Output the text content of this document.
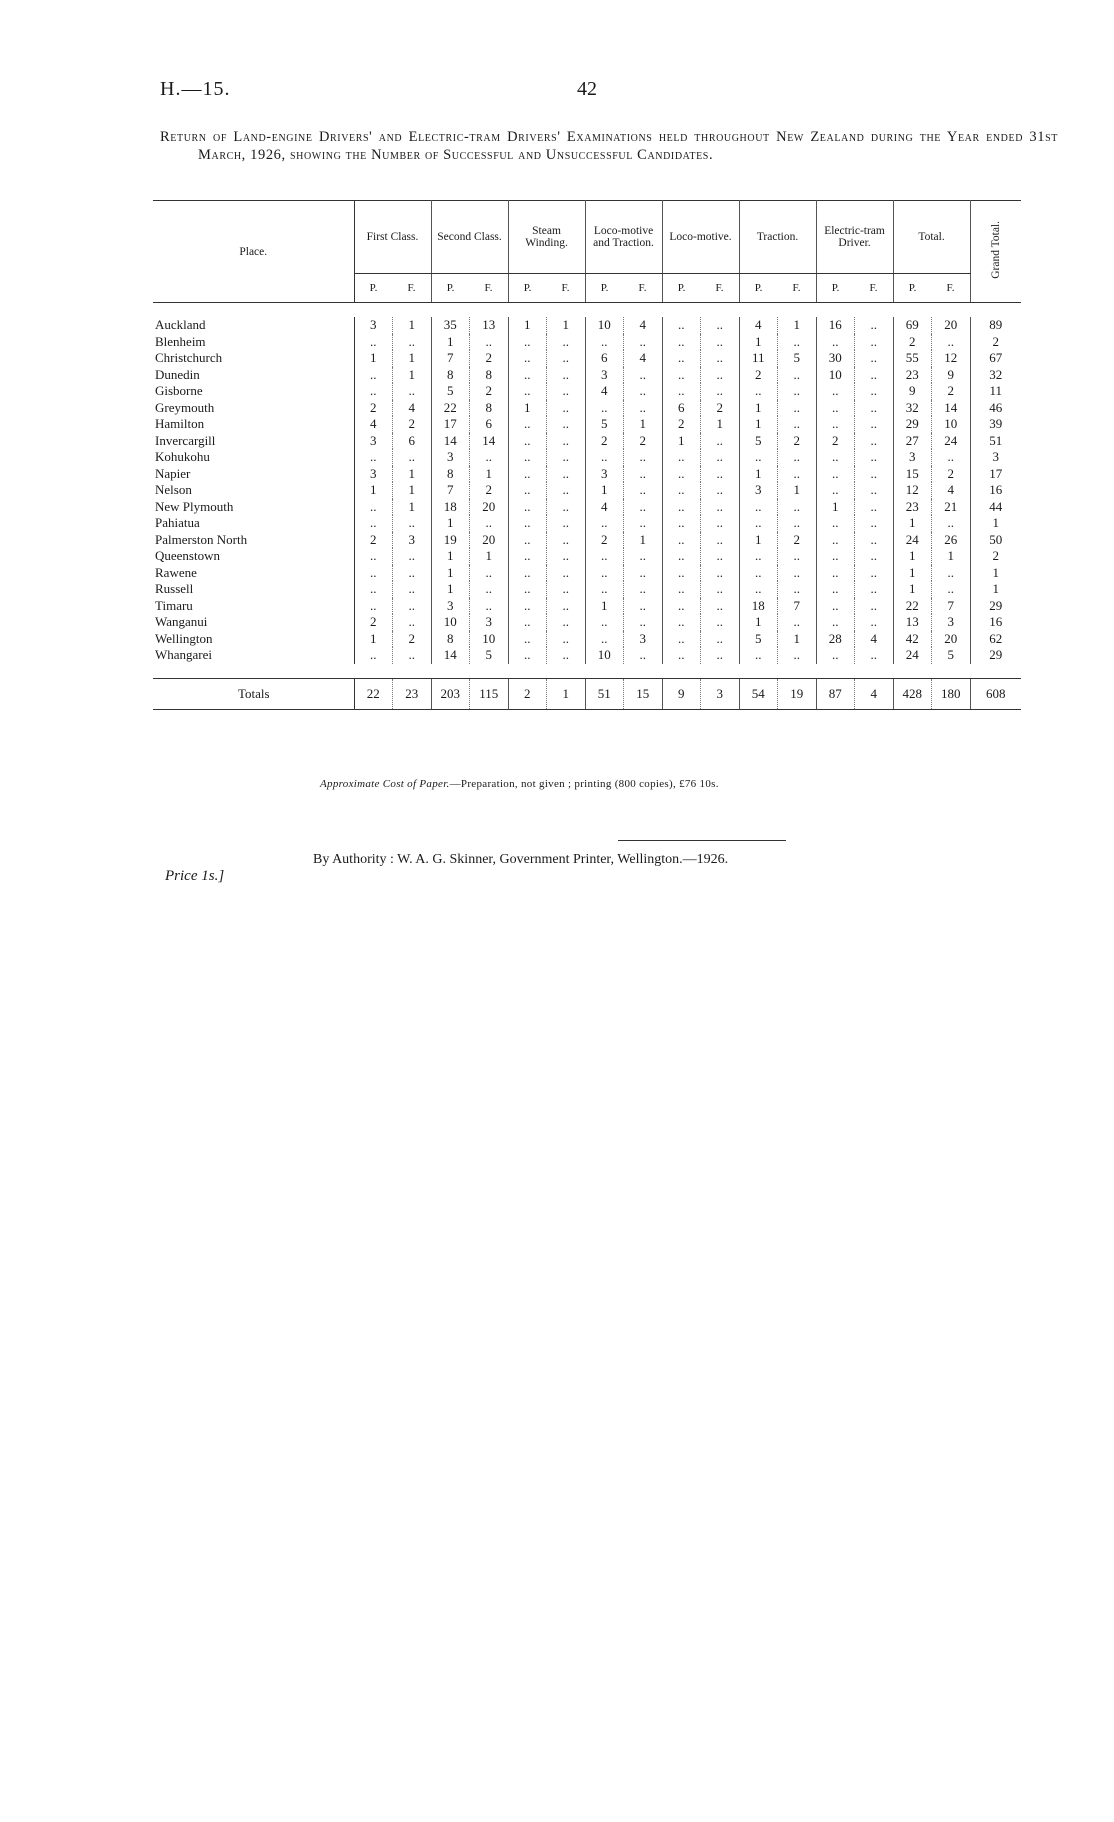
H.—15.	42
Return of Land-engine Drivers' and Electric-tram Drivers' Examinations held throughout New Zealand during the Year ended 31st March, 1926, showing the Number of Successful and Unsuccessful Candidates.
Place.	First Class.		Second Class.		Steam Winding.		Loco-motive and Traction.		Loco-motive.		Traction.		Electric-tram Driver.		Total.		Grand Total.
	P.	F.	P.	F.	P.	F.	P.	F.	P.	F.	P.	F.	P.	F.	P.	F.	

Auckland	3	1	35	13	1	1	10	4	..	..	4	1	16	..	69	20	89
Blenheim	..	..	1	..	..	..	..	..	..	..	1	..	..	..	2	..	2
Christchurch	1	1	7	2	..	..	6	4	..	..	11	5	30	..	55	12	67
Dunedin	..	1	8	8	..	..	3	..	..	..	2	..	10	..	23	9	32
Gisborne	..	..	5	2	..	..	4	..	..	..	..	..	..	..	9	2	11
Greymouth	2	4	22	8	1	..	..	..	6	2	1	..	..	..	32	14	46
Hamilton	4	2	17	6	..	..	5	1	2	1	1	..	..	..	29	10	39
Invercargill	3	6	14	14	..	..	2	2	1	..	5	2	2	..	27	24	51
Kohukohu	..	..	3	..	..	..	..	..	..	..	..	..	..	..	3	..	3
Napier	3	1	8	1	..	..	3	..	..	..	1	..	..	..	15	2	17
Nelson	1	1	7	2	..	..	1	..	..	..	3	1	..	..	12	4	16
New Plymouth	..	1	18	20	..	..	4	..	..	..	..	..	1	..	23	21	44
Pahiatua	..	..	1	..	..	..	..	..	..	..	..	..	..	..	1	..	1
Palmerston North	2	3	19	20	..	..	2	1	..	..	1	2	..	..	24	26	50
Queenstown	..	..	1	1	..	..	..	..	..	..	..	..	..	..	1	1	2
Rawene	..	..	1	..	..	..	..	..	..	..	..	..	..	..	1	..	1
Russell	..	..	1	..	..	..	..	..	..	..	..	..	..	..	1	..	1
Timaru	..	..	3	..	..	..	1	..	..	..	18	7	..	..	22	7	29
Wanganui	2	..	10	3	..	..	..	..	..	..	1	..	..	..	13	3	16
Wellington	1	2	8	10	..	..	..	3	..	..	5	1	28	4	42	20	62
Whangarei	..	..	14	5	..	..	10	..	..	..	..	..	..	..	24	5	29

Totals	22	23	203	115	2	1	51	15	9	3	54	19	87	4	428	180	608
Approximate Cost of Paper.—Preparation, not given ; printing (800 copies), £76 10s.
By Authority : W. A. G. Skinner, Government Printer, Wellington.—1926.
Price 1s.]
